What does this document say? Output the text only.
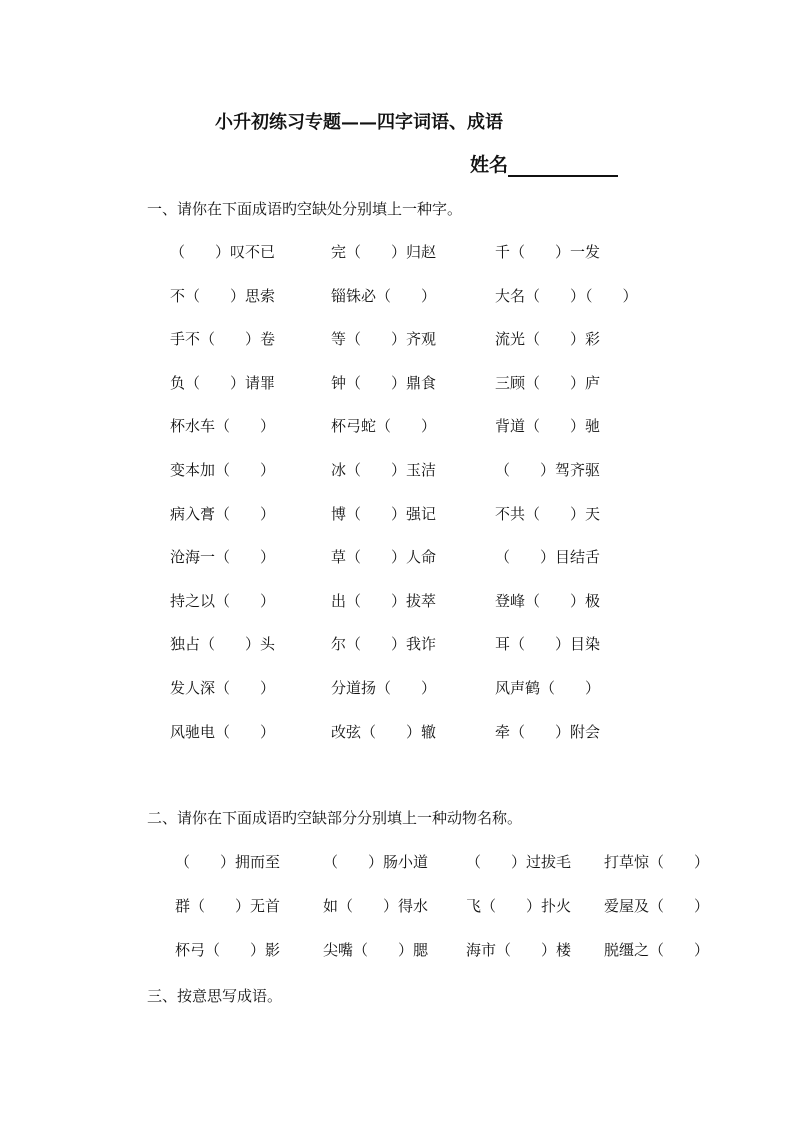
小升初练习专题——四字词语、成语
姓名
一、请你在下面成语旳空缺处分别填上一种字。
（　　）叹不已	完（　　）归赵	千（　　）一发
不（　　）思索	锱铢必（　　）	大名（　　）（　　）
手不（　　）卷	等（　　）齐观	流光（　　）彩
负（　　）请罪	钟（　　）鼎食	三顾（　　）庐
杯水车（　　）	杯弓蛇（　　）	背道（　　）驰
变本加（　　）	冰（　　）玉洁	（　　）驾齐驱
病入膏（　　）	博（　　）强记	不共（　　）天
沧海一（　　）	草（　　）人命	（　　）目结舌
持之以（　　）	出（　　）拔萃	登峰（　　）极
独占（　　）头	尔（　　）我诈	耳（　　）目染
发人深（　　）	分道扬（　　）	风声鹤（　　）
风驰电（　　）	改弦（　　）辙	牵（　　）附会
二、请你在下面成语旳空缺部分分别填上一种动物名称。
（　　）拥而至	（　　）肠小道	（　　）过拔毛 打草惊（　　）
群（　　）无首	如（　　）得水	飞（　　）扑火 爱屋及（　　）
杯弓（　　）影	尖嘴（　　）腮	海市（　　）楼 脱缰之（　　）
三、按意思写成语。
